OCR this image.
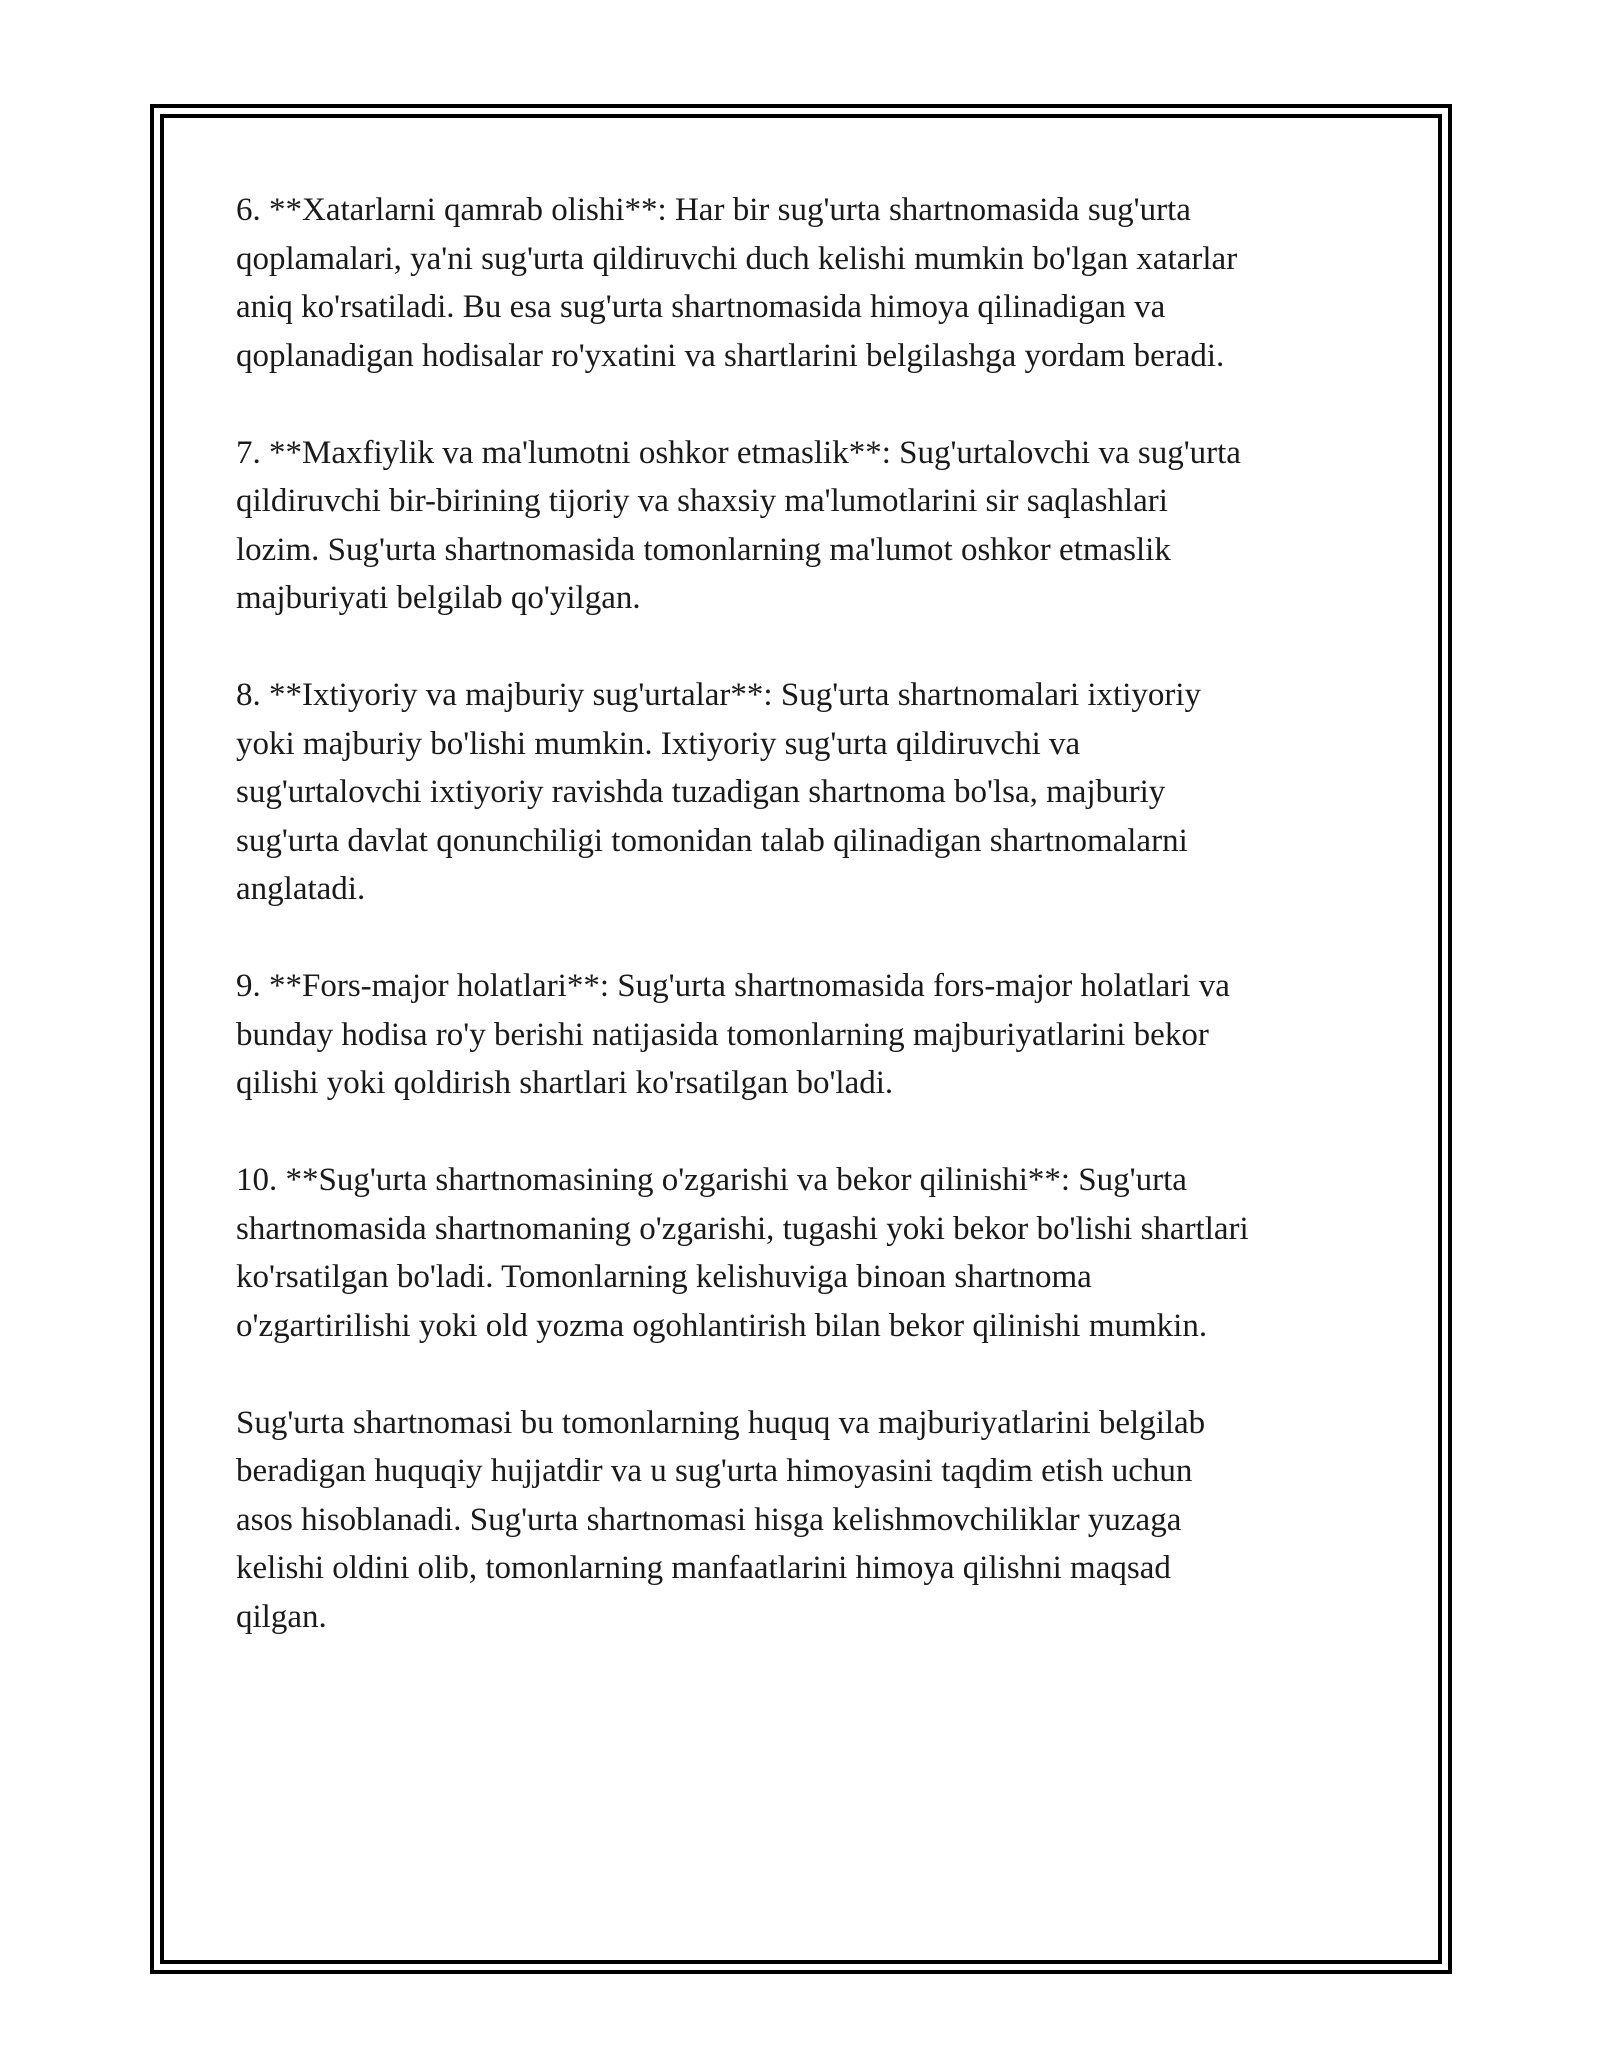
6. **Xatarlarni qamrab olishi**: Har bir sug'urta shartnomasida sug'urta
qoplamalari, ya'ni sug'urta qildiruvchi duch kelishi mumkin bo'lgan xatarlar
aniq ko'rsatiladi. Bu esa sug'urta shartnomasida himoya qilinadigan va
qoplanadigan hodisalar ro'yxatini va shartlarini belgilashga yordam beradi.

7. **Maxfiylik va ma'lumotni oshkor etmaslik**: Sug'urtalovchi va sug'urta
qildiruvchi bir-birining tijoriy va shaxsiy ma'lumotlarini sir saqlashlari
lozim. Sug'urta shartnomasida tomonlarning ma'lumot oshkor etmaslik
majburiyati belgilab qo'yilgan.

8. **Ixtiyoriy va majburiy sug'urtalar**: Sug'urta shartnomalari ixtiyoriy
yoki majburiy bo'lishi mumkin. Ixtiyoriy sug'urta qildiruvchi va
sug'urtalovchi ixtiyoriy ravishda tuzadigan shartnoma bo'lsa, majburiy
sug'urta davlat qonunchiligi tomonidan talab qilinadigan shartnomalarni
anglatadi.

9. **Fors-major holatlari**: Sug'urta shartnomasida fors-major holatlari va
bunday hodisa ro'y berishi natijasida tomonlarning majburiyatlarini bekor
qilishi yoki qoldirish shartlari ko'rsatilgan bo'ladi.

10. **Sug'urta shartnomasining o'zgarishi va bekor qilinishi**: Sug'urta
shartnomasida shartnomaning o'zgarishi, tugashi yoki bekor bo'lishi shartlari
ko'rsatilgan bo'ladi. Tomonlarning kelishuviga binoan shartnoma
o'zgartirilishi yoki old yozma ogohlantirish bilan bekor qilinishi mumkin.

Sug'urta shartnomasi bu tomonlarning huquq va majburiyatlarini belgilab
beradigan huquqiy hujjatdir va u sug'urta himoyasini taqdim etish uchun
asos hisoblanadi. Sug'urta shartnomasi hisga kelishmovchiliklar yuzaga
kelishi oldini olib, tomonlarning manfaatlarini himoya qilishni maqsad
qilgan.
